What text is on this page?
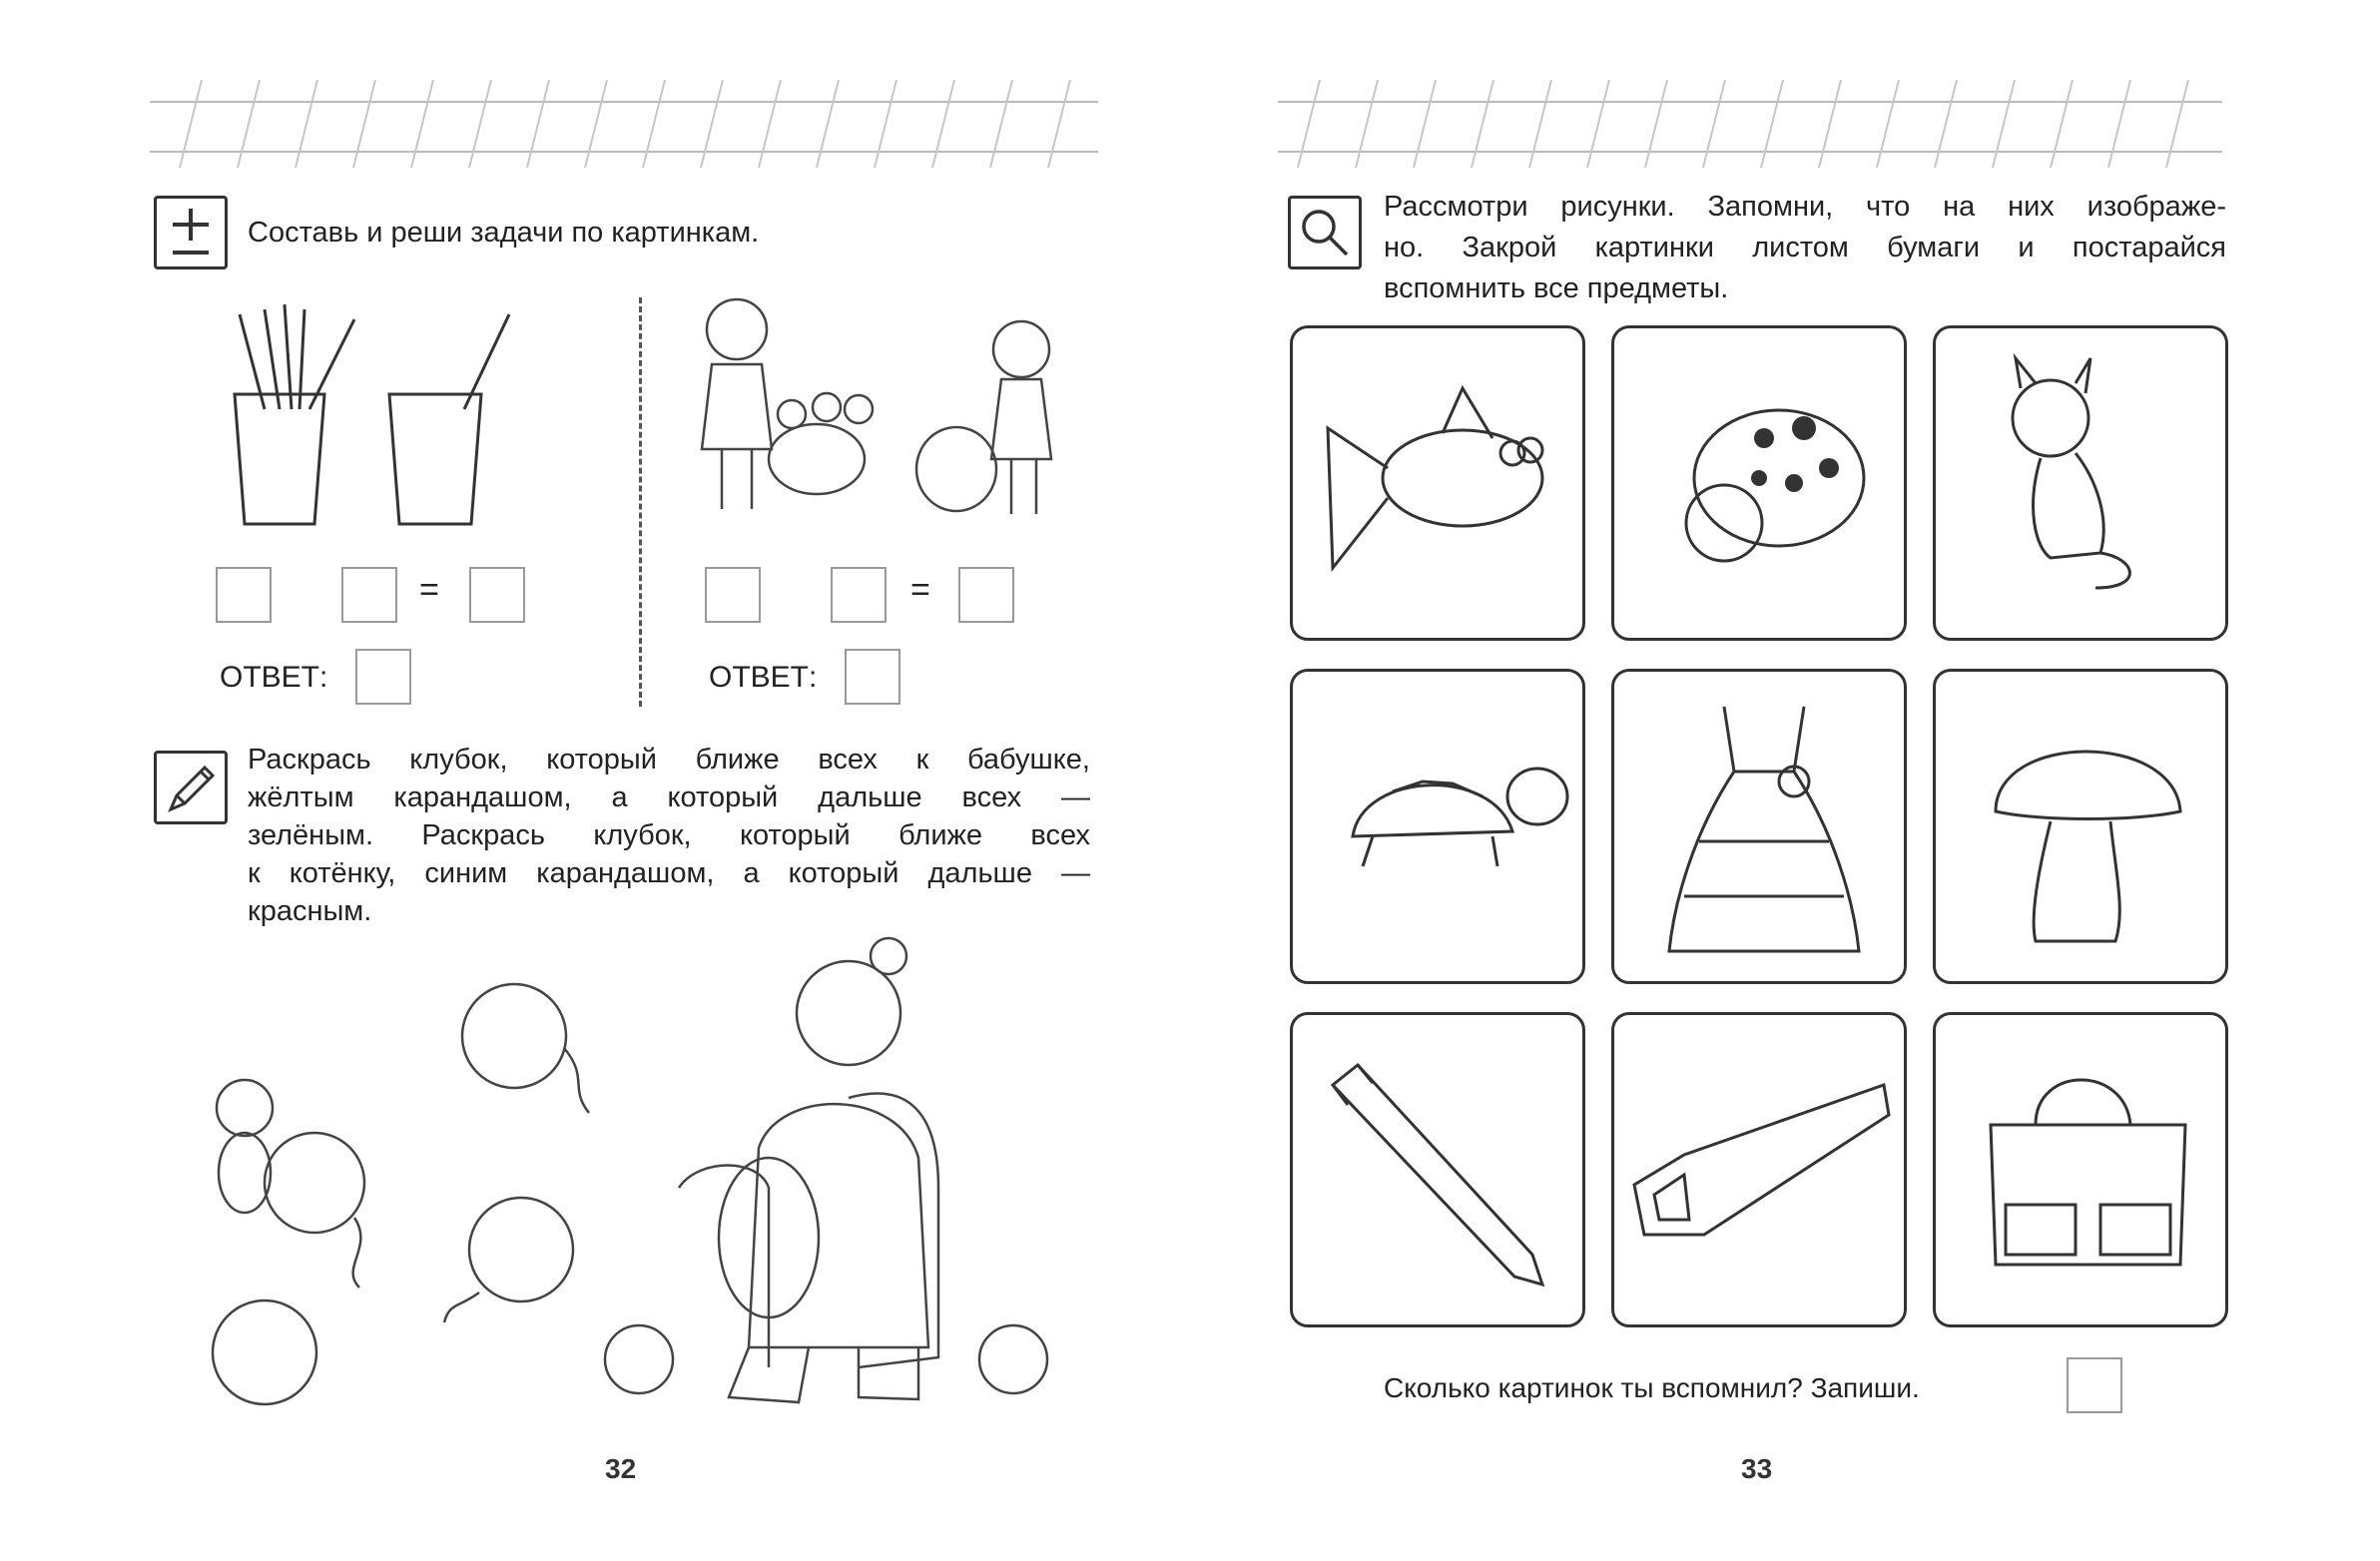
Составь и реши задачи по картинкам.
=
ОТВЕТ:
=
ОТВЕТ:
Раскрась клубок, который ближе всех к бабушке,
жёлтым карандашом, а который дальше всех —
зелёным. Раскрась клубок, который ближе всех
к котёнку, синим карандашом, а который дальше —
красным.
32
Рассмотри рисунки. Запомни, что на них изображе-
но. Закрой картинки листом бумаги и постарайся
вспомнить все предметы.
Сколько картинок ты вспомнил? Запиши.
33
